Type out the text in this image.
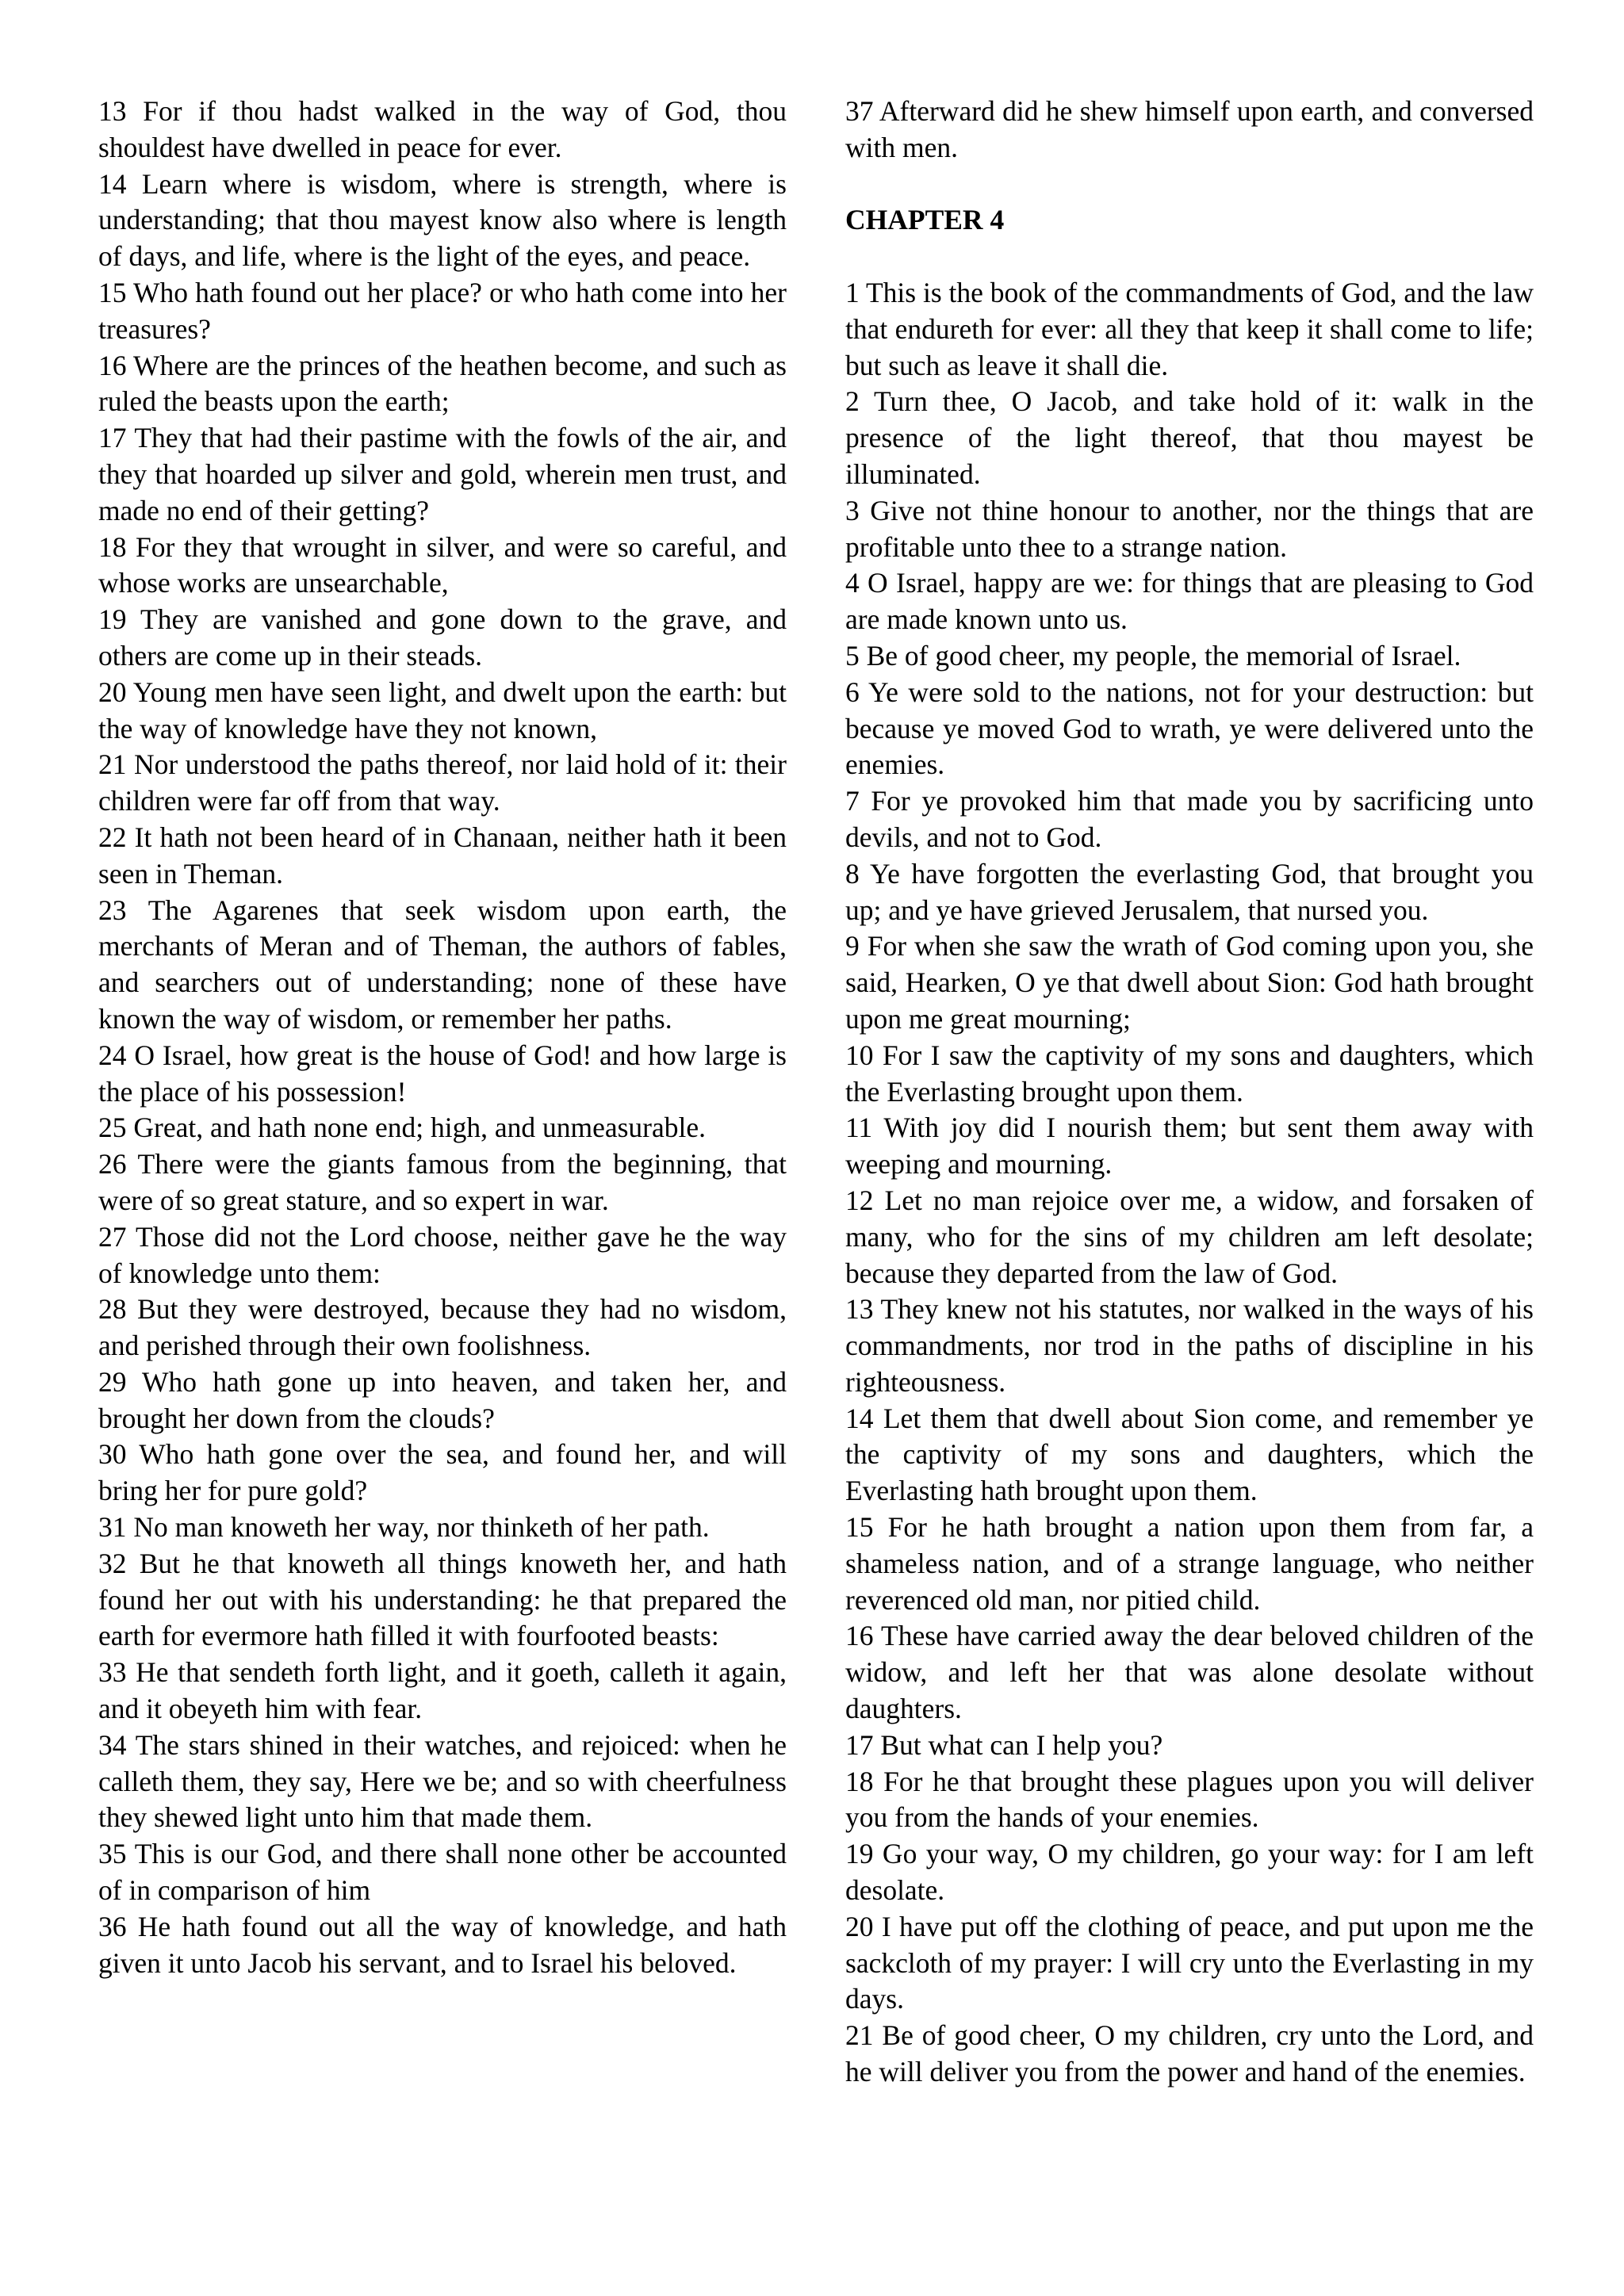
13 For if thou hadst walked in the way of God, thou shouldest have dwelled in peace for ever.

14 Learn where is wisdom, where is strength, where is understanding; that thou mayest know also where is length of days, and life, where is the light of the eyes, and peace.

15 Who hath found out her place? or who hath come into her treasures?

16 Where are the princes of the heathen become, and such as ruled the beasts upon the earth;

17 They that had their pastime with the fowls of the air, and they that hoarded up silver and gold, wherein men trust, and made no end of their getting?

18 For they that wrought in silver, and were so careful, and whose works are unsearchable,

19 They are vanished and gone down to the grave, and others are come up in their steads.

20 Young men have seen light, and dwelt upon the earth: but the way of knowledge have they not known,

21 Nor understood the paths thereof, nor laid hold of it: their children were far off from that way.

22 It hath not been heard of in Chanaan, neither hath it been seen in Theman.

23 The Agarenes that seek wisdom upon earth, the merchants of Meran and of Theman, the authors of fables, and searchers out of understanding; none of these have known the way of wisdom, or remember her paths.

24 O Israel, how great is the house of God! and how large is the place of his possession!

25 Great, and hath none end; high, and unmeasurable.

26 There were the giants famous from the beginning, that were of so great stature, and so expert in war.

27 Those did not the Lord choose, neither gave he the way of knowledge unto them:

28 But they were destroyed, because they had no wisdom, and perished through their own foolishness.

29 Who hath gone up into heaven, and taken her, and brought her down from the clouds?

30 Who hath gone over the sea, and found her, and will bring her for pure gold?

31 No man knoweth her way, nor thinketh of her path.

32 But he that knoweth all things knoweth her, and hath found her out with his understanding: he that prepared the earth for evermore hath filled it with fourfooted beasts:

33 He that sendeth forth light, and it goeth, calleth it again, and it obeyeth him with fear.

34 The stars shined in their watches, and rejoiced: when he calleth them, they say, Here we be; and so with cheerfulness they shewed light unto him that made them.

35 This is our God, and there shall none other be accounted of in comparison of him

36 He hath found out all the way of knowledge, and hath given it unto Jacob his servant, and to Israel his beloved.

37 Afterward did he shew himself upon earth, and conversed with men.

CHAPTER 4

1 This is the book of the commandments of God, and the law that endureth for ever: all they that keep it shall come to life; but such as leave it shall die.

2 Turn thee, O Jacob, and take hold of it: walk in the presence of the light thereof, that thou mayest be illuminated.

3 Give not thine honour to another, nor the things that are profitable unto thee to a strange nation.

4 O Israel, happy are we: for things that are pleasing to God are made known unto us.

5 Be of good cheer, my people, the memorial of Israel.

6 Ye were sold to the nations, not for your destruction: but because ye moved God to wrath, ye were delivered unto the enemies.

7 For ye provoked him that made you by sacrificing unto devils, and not to God.

8 Ye have forgotten the everlasting God, that brought you up; and ye have grieved Jerusalem, that nursed you.

9 For when she saw the wrath of God coming upon you, she said, Hearken, O ye that dwell about Sion: God hath brought upon me great mourning;

10 For I saw the captivity of my sons and daughters, which the Everlasting brought upon them.

11 With joy did I nourish them; but sent them away with weeping and mourning.

12 Let no man rejoice over me, a widow, and forsaken of many, who for the sins of my children am left desolate; because they departed from the law of God.

13 They knew not his statutes, nor walked in the ways of his commandments, nor trod in the paths of discipline in his righteousness.

14 Let them that dwell about Sion come, and remember ye the captivity of my sons and daughters, which the Everlasting hath brought upon them.

15 For he hath brought a nation upon them from far, a shameless nation, and of a strange language, who neither reverenced old man, nor pitied child.

16 These have carried away the dear beloved children of the widow, and left her that was alone desolate without daughters.

17 But what can I help you?

18 For he that brought these plagues upon you will deliver you from the hands of your enemies.

19 Go your way, O my children, go your way: for I am left desolate.

20 I have put off the clothing of peace, and put upon me the sackcloth of my prayer: I will cry unto the Everlasting in my days.

21 Be of good cheer, O my children, cry unto the Lord, and he will deliver you from the power and hand of the enemies.
